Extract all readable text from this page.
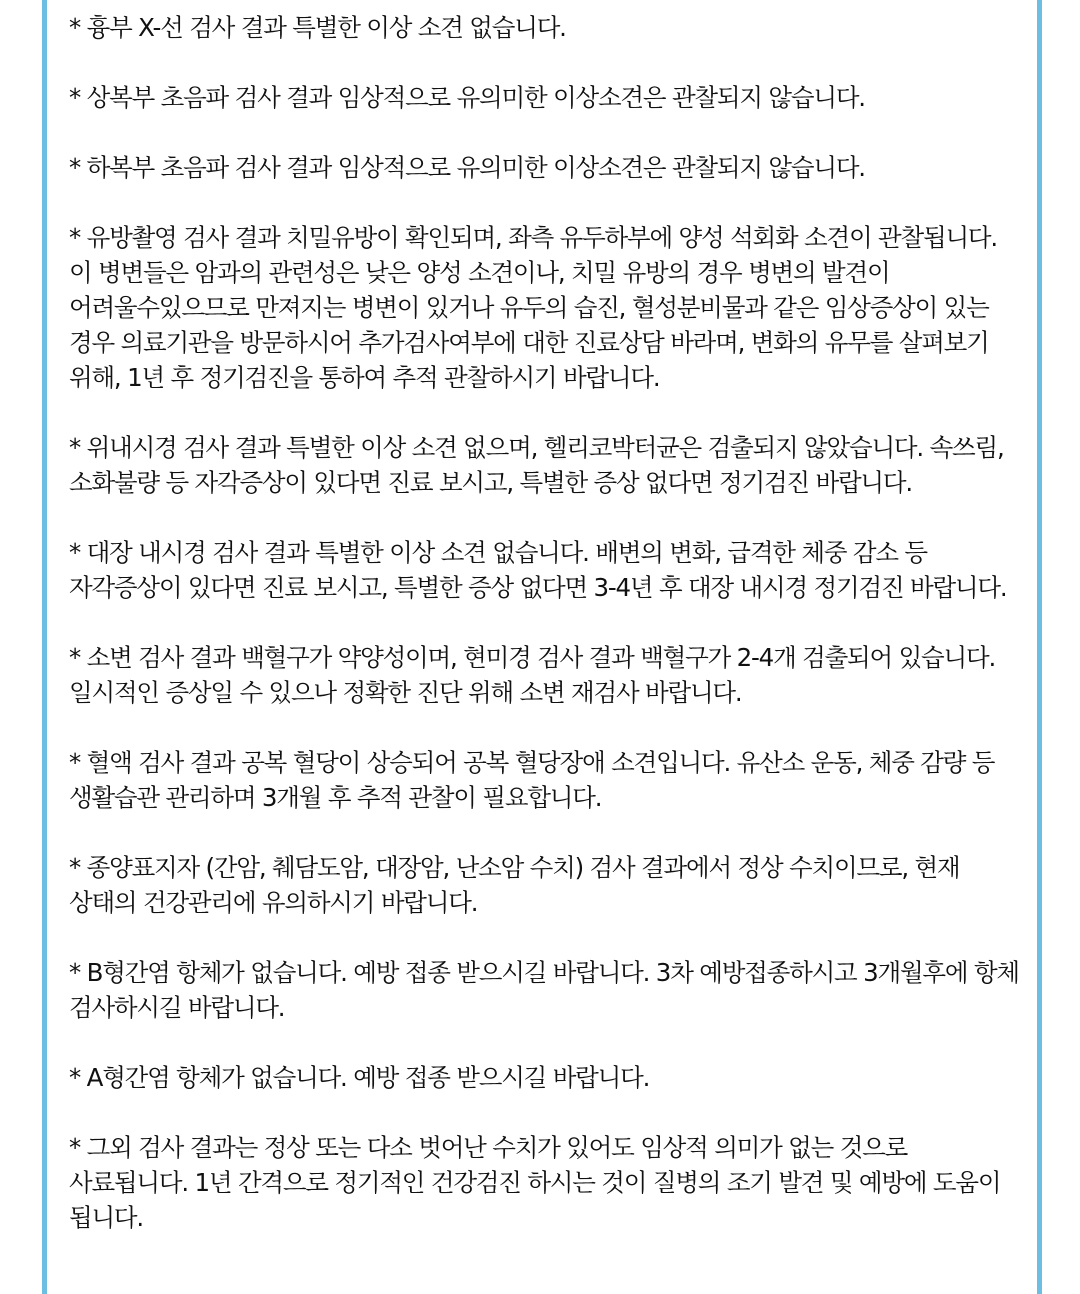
* 흉부 X-선 검사 결과 특별한 이상 소견 없습니다.

* 상복부 초음파 검사 결과 임상적으로 유의미한 이상소견은 관찰되지 않습니다.

* 하복부 초음파 검사 결과 임상적으로 유의미한 이상소견은 관찰되지 않습니다.

* 유방촬영 검사 결과 치밀유방이 확인되며, 좌측 유두하부에 양성 석회화 소견이 관찰됩니다. 이 병변들은 암과의 관련성은 낮은 양성 소견이나, 치밀 유방의 경우 병변의 발견이 어려울수있으므로 만져지는 병변이 있거나 유두의 습진, 혈성분비물과 같은 임상증상이 있는 경우 의료기관을 방문하시어 추가검사여부에 대한 진료상담 바라며, 변화의 유무를 살펴보기 위해, 1년 후 정기검진을 통하여 추적 관찰하시기 바랍니다.

* 위내시경 검사 결과 특별한 이상 소견 없으며, 헬리코박터균은 검출되지 않았습니다. 속쓰림, 소화불량 등 자각증상이 있다면 진료 보시고, 특별한 증상 없다면 정기검진 바랍니다.

* 대장 내시경 검사 결과 특별한 이상 소견 없습니다. 배변의 변화, 급격한 체중 감소 등 자각증상이 있다면 진료 보시고, 특별한 증상 없다면 3-4년 후 대장 내시경 정기검진 바랍니다.

* 소변 검사 결과 백혈구가 약양성이며, 현미경 검사 결과 백혈구가 2-4개 검출되어 있습니다. 일시적인 증상일 수 있으나 정확한 진단 위해 소변 재검사 바랍니다.

* 혈액 검사 결과 공복 혈당이 상승되어 공복 혈당장애 소견입니다. 유산소 운동, 체중 감량 등 생활습관 관리하며 3개월 후 추적 관찰이 필요합니다.

* 종양표지자 (간암, 췌담도암, 대장암, 난소암 수치) 검사 결과에서 정상 수치이므로, 현재 상태의 건강관리에 유의하시기 바랍니다.

* B형간염 항체가 없습니다. 예방 접종 받으시길 바랍니다. 3차 예방접종하시고 3개월후에 항체 검사하시길 바랍니다.

* A형간염 항체가 없습니다. 예방 접종 받으시길 바랍니다.

* 그외 검사 결과는 정상 또는 다소 벗어난 수치가 있어도 임상적 의미가 없는 것으로 사료됩니다. 1년 간격으로 정기적인 건강검진 하시는 것이 질병의 조기 발견 및 예방에 도움이 됩니다.
